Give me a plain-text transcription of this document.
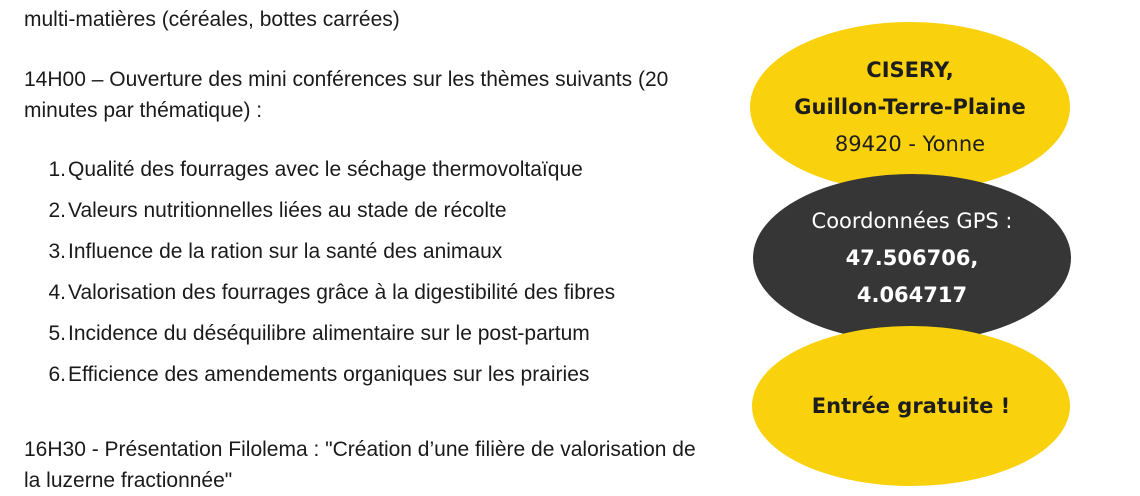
multi-matières (céréales, bottes carrées)

14H00 – Ouverture des mini conférences sur les thèmes suivants (20 minutes par thématique) :

1. Qualité des fourrages avec le séchage thermovoltaïque
2. Valeurs nutritionnelles liées au stade de récolte
3. Influence de la ration sur la santé des animaux
4. Valorisation des fourrages grâce à la digestibilité des fibres
5. Incidence du déséquilibre alimentaire sur le post-partum
6. Efficience des amendements organiques sur les prairies

16H30 - Présentation Filolema : "Création d’une filière de valorisation de la luzerne fractionnée"

CISERY,
Guillon-Terre-Plaine
89420 - Yonne
Coordonnées GPS :
47.506706,
4.064717
Entrée gratuite !
